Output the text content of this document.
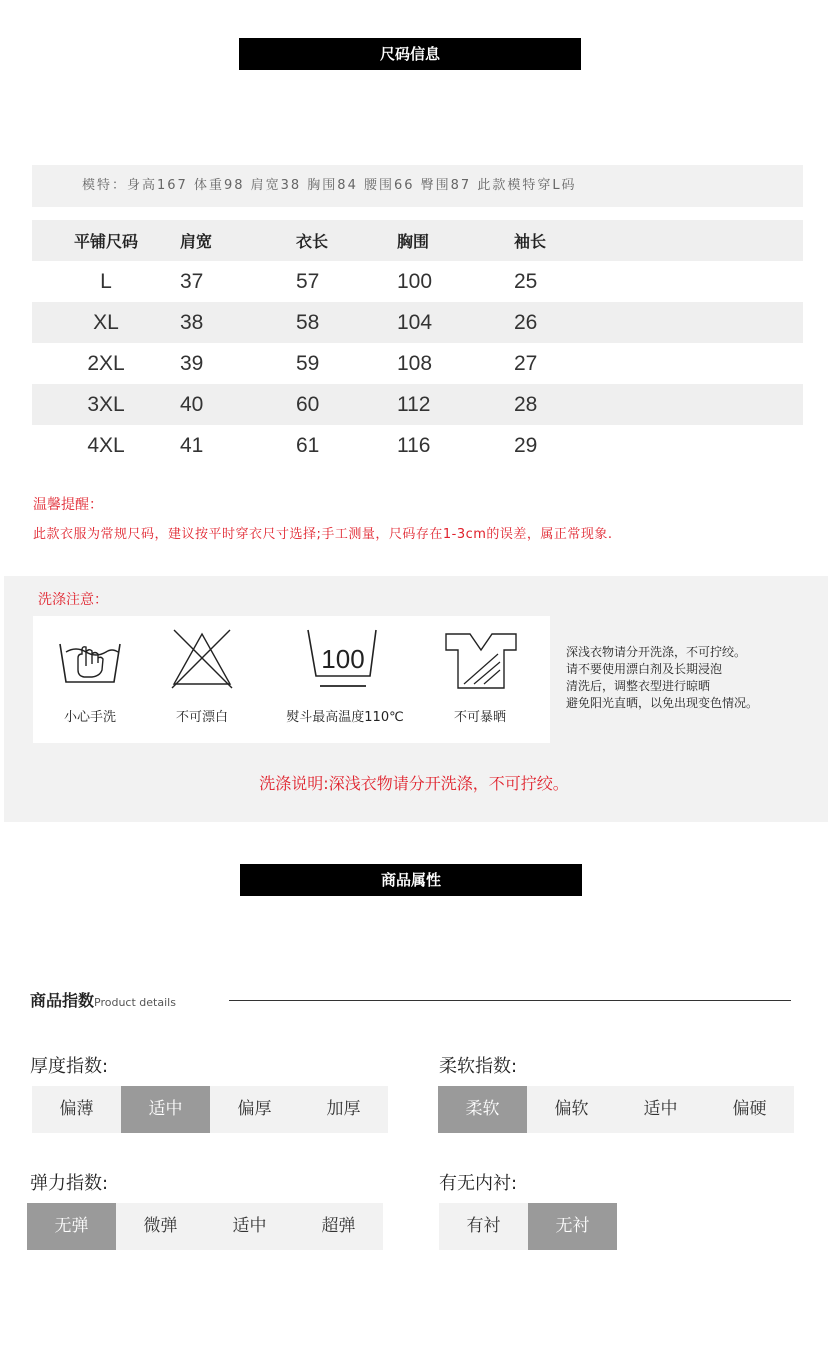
尺码信息
模特：身高167 体重98 肩宽38 胸围84 腰围66 臀围87 此款模特穿L码
平铺尺码	肩宽	衣长	胸围	袖长
L	37	57	100	25
XL	38	58	104	26
2XL	39	59	108	27
3XL	40	60	112	28
4XL	41	61	116	29
温馨提醒：
此款衣服为常规尺码，建议按平时穿衣尺寸选择;手工测量，尺码存在1-3cm的误差，属正常现象.
洗涤注意：
小心手洗	不可漂白
100
熨斗最高温度110℃	不可暴晒
深浅衣物请分开洗涤，不可拧绞。
请不要使用漂白剂及长期浸泡
清洗后，调整衣型进行晾晒
避免阳光直晒，以免出现变色情况。
洗涤说明:深浅衣物请分开洗涤，不可拧绞。
商品属性
商品指数Product details
厚度指数:
偏薄	适中	偏厚	加厚
柔软指数:
柔软	偏软	适中	偏硬
弹力指数:
无弹	微弹	适中	超弹
有无内衬:
有衬	无衬
